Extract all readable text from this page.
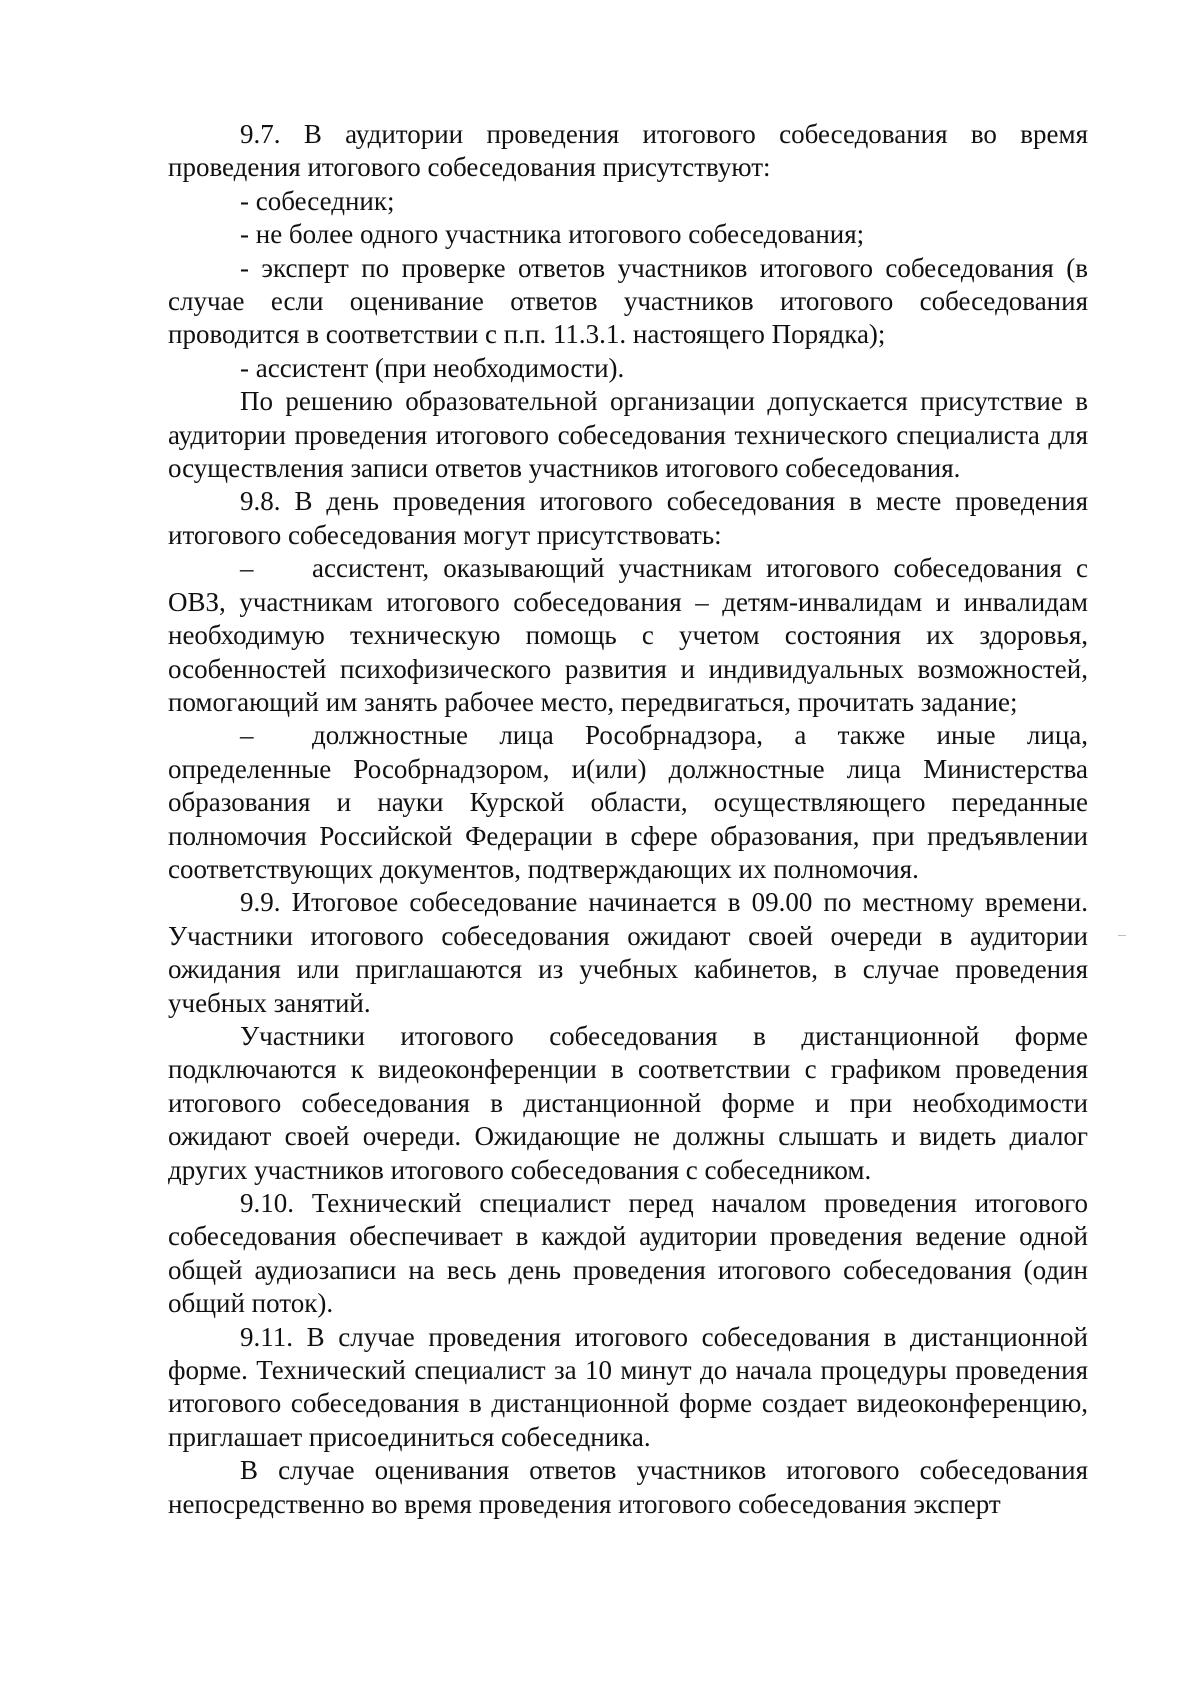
9.7. В аудитории проведения итогового собеседования во время проведения итогового собеседования присутствуют:

- собеседник;

- не более одного участника итогового собеседования;

- эксперт по проверке ответов участников итогового собеседования (в случае если оценивание ответов участников итогового собеседования проводится в соответствии с п.п. 11.3.1. настоящего Порядка);

- ассистент (при необходимости).

По решению образовательной организации допускается присутствие в аудитории проведения итогового собеседования технического специалиста для осуществления записи ответов участников итогового собеседования.

9.8. В день проведения итогового собеседования в месте проведения итогового собеседования могут присутствовать:

– ассистент, оказывающий участникам итогового собеседования с ОВЗ, участникам итогового собеседования – детям-инвалидам и инвалидам необходимую техническую помощь с учетом состояния их здоровья, особенностей психофизического развития и индивидуальных возможностей, помогающий им занять рабочее место, передвигаться, прочитать задание;

– должностные лица Рособрнадзора, а также иные лица, определенные Рособрнадзором, и(или) должностные лица Министерства образования и науки Курской области, осуществляющего переданные полномочия Российской Федерации в сфере образования, при предъявлении соответствующих документов, подтверждающих их полномочия.

9.9. Итоговое собеседование начинается в 09.00 по местному времени. Участники итогового собеседования ожидают своей очереди в аудитории ожидания или приглашаются из учебных кабинетов, в случае проведения учебных занятий.

Участники итогового собеседования в дистанционной форме подключаются к видеоконференции в соответствии с графиком проведения итогового собеседования в дистанционной форме и при необходимости ожидают своей очереди. Ожидающие не должны слышать и видеть диалог других участников итогового собеседования с собеседником.

9.10. Технический специалист перед началом проведения итогового собеседования обеспечивает в каждой аудитории проведения ведение одной общей аудиозаписи на весь день проведения итогового собеседования (один общий поток).

9.11. В случае проведения итогового собеседования в дистанционной форме. Технический специалист за 10 минут до начала процедуры проведения итогового собеседования в дистанционной форме создает видеоконференцию, приглашает присоединиться собеседника.

В случае оценивания ответов участников итогового собеседования непосредственно во время проведения итогового собеседования эксперт
